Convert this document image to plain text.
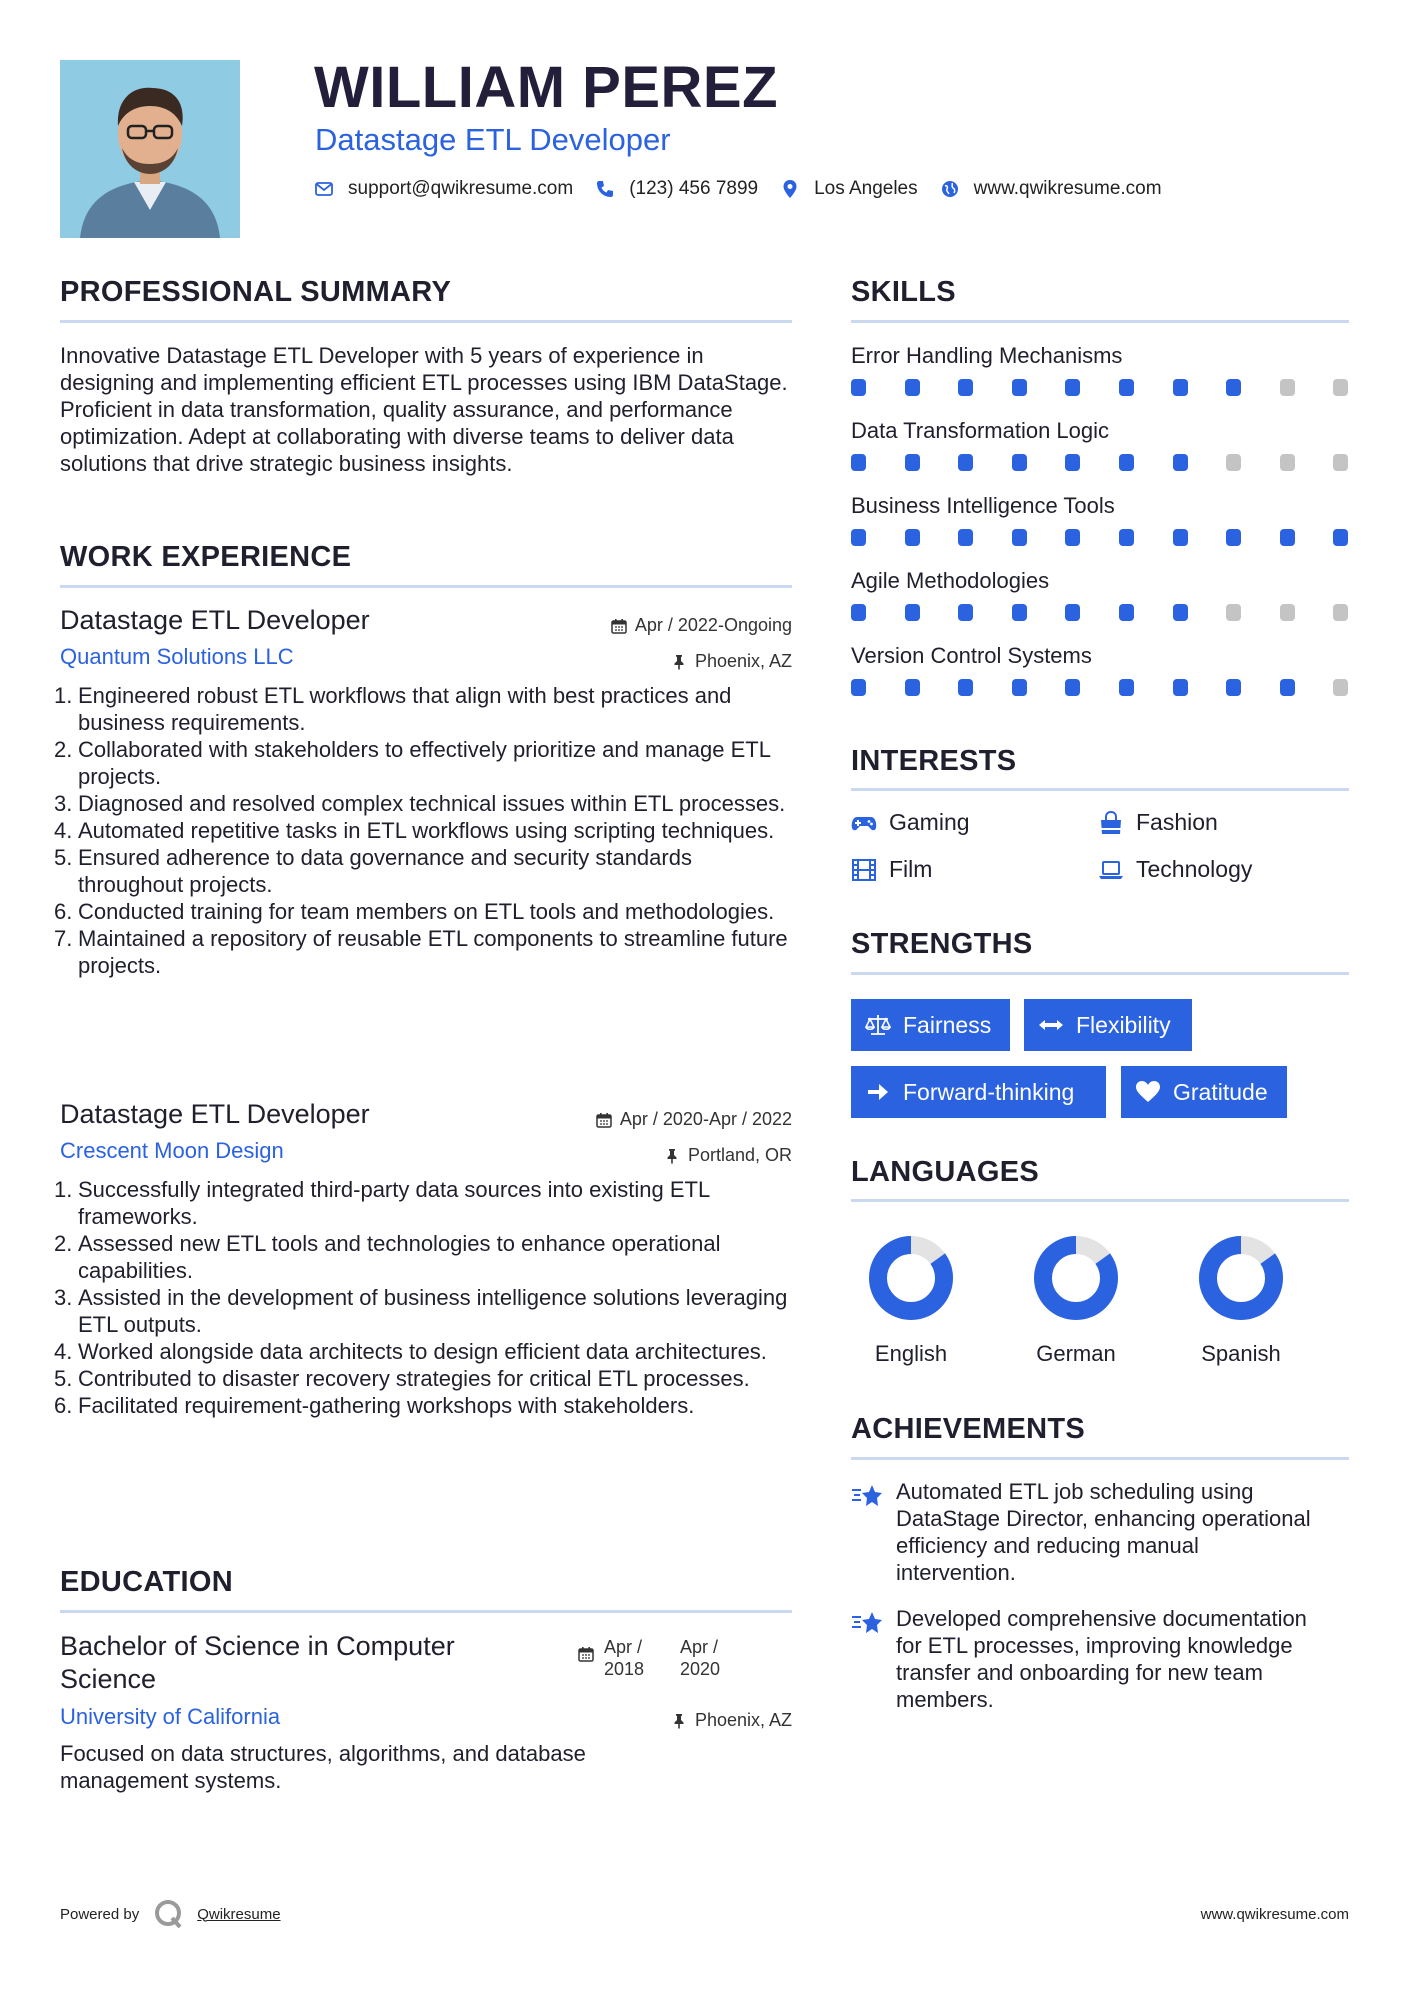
WILLIAM PEREZ
Datastage ETL Developer
support@qwikresume.com	(123) 456 7899	Los Angeles	www.qwikresume.com
PROFESSIONAL SUMMARY
Innovative Datastage ETL Developer with 5 years of experience in designing and implementing efficient ETL processes using IBM DataStage. Proficient in data transformation, quality assurance, and performance optimization. Adept at collaborating with diverse teams to deliver data solutions that drive strategic business insights.
WORK EXPERIENCE
Datastage ETL Developer
Quantum Solutions LLC
Apr / 2022-Ongoing
Phoenix, AZ
1. Engineered robust ETL workflows that align with best practices and business requirements.
2. Collaborated with stakeholders to effectively prioritize and manage ETL projects.
3. Diagnosed and resolved complex technical issues within ETL processes.
4. Automated repetitive tasks in ETL workflows using scripting techniques.
5. Ensured adherence to data governance and security standards throughout projects.
6. Conducted training for team members on ETL tools and methodologies.
7. Maintained a repository of reusable ETL components to streamline future projects.
Datastage ETL Developer
Crescent Moon Design
Apr / 2020-Apr / 2022
Portland, OR
1. Successfully integrated third-party data sources into existing ETL frameworks.
2. Assessed new ETL tools and technologies to enhance operational capabilities.
3. Assisted in the development of business intelligence solutions leveraging ETL outputs.
4. Worked alongside data architects to design efficient data architectures.
5. Contributed to disaster recovery strategies for critical ETL processes.
6. Facilitated requirement-gathering workshops with stakeholders.
EDUCATION
Bachelor of Science in Computer Science
University of California
Focused on data structures, algorithms, and database management systems.
Apr / 2018
Apr / 2020
Phoenix, AZ
SKILLS
Error Handling Mechanisms
Data Transformation Logic
Business Intelligence Tools
Agile Methodologies
Version Control Systems
INTERESTS
Gaming	Fashion
Film	Technology
STRENGTHS
Fairness	Flexibility
Forward-thinking	Gratitude
LANGUAGES
English	German	Spanish
ACHIEVEMENTS
Automated ETL job scheduling using DataStage Director, enhancing operational efficiency and reducing manual intervention.
Developed comprehensive documentation for ETL processes, improving knowledge transfer and onboarding for new team members.
Powered by	Qwikresume	www.qwikresume.com
